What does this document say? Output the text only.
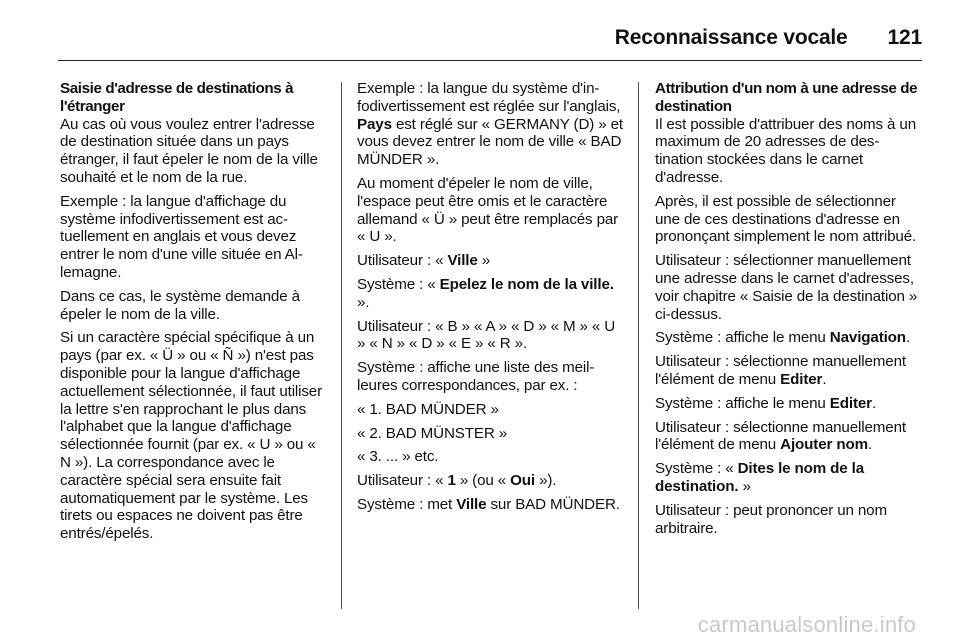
Reconnaissance vocale 121
Saisie d'adresse de destinations à l'étranger

Au cas où vous voulez entrer l'adresse de destination située dans un pays étranger, il faut épeler le nom de la ville souhaité et le nom de la rue.

Exemple : la langue d'affichage du système infodivertissement est actuellement en anglais et vous devez entrer le nom d'une ville située en Allemagne.

Dans ce cas, le système demande à épeler le nom de la ville.

Si un caractère spécial spécifique à un pays (par ex. « Ü » ou « Ñ ») n'est pas disponible pour la langue d'affichage actuellement sélectionnée, il faut utiliser la lettre s'en rapprochant le plus dans l'alphabet que la langue d'affichage sélectionnée fournit (par ex. « U » ou « N »). La correspondance avec le caractère spécial sera ensuite fait automatiquement par le système. Les tirets ou espaces ne doivent pas être entrés/épelés.

Exemple : la langue du système d'infodivertissement est réglée sur l'anglais, Pays est réglé sur « GERMANY (D) » et vous devez entrer le nom de ville « BAD MÜNDER ».

Au moment d'épeler le nom de ville, l'espace peut être omis et le caractère allemand « Ü » peut être remplacés par « U ».

Utilisateur : « Ville »

Système : « Epelez le nom de la ville. ».

Utilisateur : « B » « A » « D » « M » « U » « N » « D » « E » « R ».

Système : affiche une liste des meilleures correspondances, par ex. :

« 1. BAD MÜNDER »

« 2. BAD MÜNSTER »

« 3. ... » etc.

Utilisateur : « 1 » (ou « Oui »).

Système : met Ville sur BAD MÜNDER.

Attribution d'un nom à une adresse de destination

Il est possible d'attribuer des noms à un maximum de 20 adresses de destination stockées dans le carnet d'adresse.

Après, il est possible de sélectionner une de ces destinations d'adresse en prononçant simplement le nom attribué.

Utilisateur : sélectionner manuellement une adresse dans le carnet d'adresses, voir chapitre « Saisie de la destination » ci-dessus.

Système : affiche le menu Navigation.

Utilisateur : sélectionne manuellement l'élément de menu Editer.

Système : affiche le menu Editer.

Utilisateur : sélectionne manuellement l'élément de menu Ajouter nom.

Système : « Dites le nom de la destination. »

Utilisateur : peut prononcer un nom arbitraire.

carmanualsonline.info
